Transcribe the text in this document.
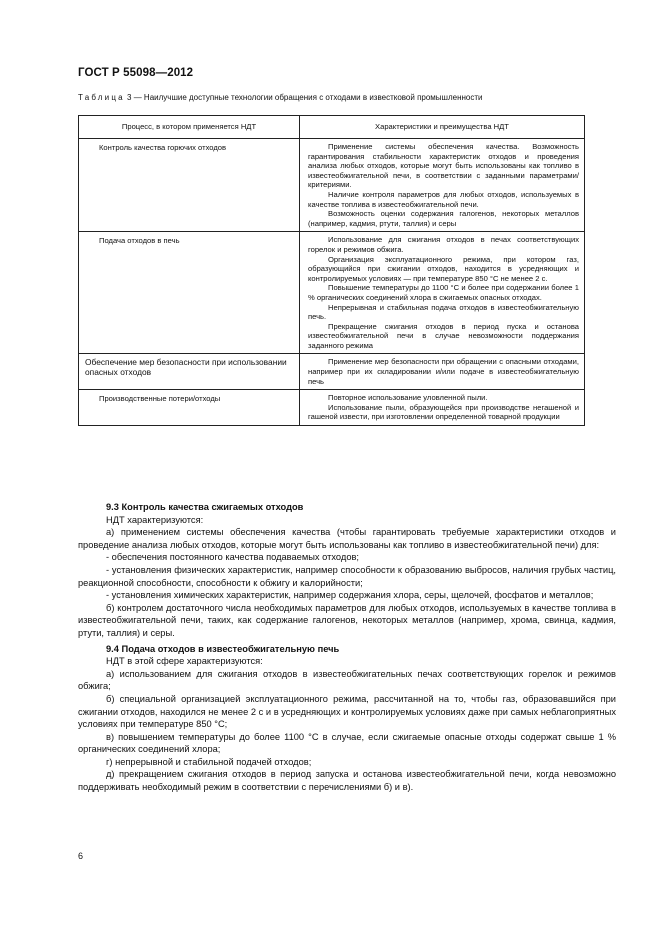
ГОСТ Р 55098—2012
Таблица 3 — Наилучшие доступные технологии обращения с отходами в известковой промышленности
Процесс, в котором применяется НДТ	Характеристики и преимущества НДТ
Контроль качества горючих отходов	Применение системы обеспечения качества. Возможность гарантирования стабильности характеристик отходов и проведения анализа любых отходов, которые могут быть использованы как топливо в известеобжигательной печи, в соответствии с заданными параметрами/критериями.

Наличие контроля параметров для любых отходов, используемых в качестве топлива в известеобжигательной печи.

Возможность оценки содержания галогенов, некоторых металлов (например, кадмия, ртути, таллия) и серы

Подача отходов в печь	Использование для сжигания отходов в печах соответствующих горелок и режимов обжига.

Организация эксплуатационного режима, при котором газ, образующийся при сжигании отходов, находится в усредняющих и контролируемых условиях — при температуре 850 °С не менее 2 с.

Повышение температуры до 1100 °С и более при содержании более 1 % органических соединений хлора в сжигаемых опасных отходах.

Непрерывная и стабильная подача отходов в известеобжигательную печь.

Прекращение сжигания отходов в период пуска и останова известеобжигательной печи в случае невозможности поддержания заданного режима

Обеспечение мер безопасности при использовании опасных отходов	Применение мер безопасности при обращении с опасными отходами, например при их складировании и/или подаче в известеобжигательную печь

Производственные потери/отходы	Повторное использование уловленной пыли.

Использование пыли, образующейся при производстве негашеной и гашеной извести, при изготовлении определенной товарной продукции

9.3 Контроль качества сжигаемых отходов

НДТ характеризуются:

а) применением системы обеспечения качества (чтобы гарантировать требуемые характеристики отходов и проведение анализа любых отходов, которые могут быть использованы как топливо в известеобжигательной печи) для:

- обеспечения постоянного качества подаваемых отходов;

- установления физических характеристик, например способности к образованию выбросов, наличия грубых частиц, реакционной способности, способности к обжигу и калорийности;

- установления химических характеристик, например содержания хлора, серы, щелочей, фосфатов и металлов;

б) контролем достаточного числа необходимых параметров для любых отходов, используемых в качестве топлива в известеобжигательной печи, таких, как содержание галогенов, некоторых металлов (например, хрома, свинца, кадмия, ртути, таллия) и серы.

9.4 Подача отходов в известеобжигательную печь

НДТ в этой сфере характеризуются:

а) использованием для сжигания отходов в известеобжигательных печах соответствующих горелок и режимов обжига;

б) специальной организацией эксплуатационного режима, рассчитанной на то, чтобы газ, образовавшийся при сжигании отходов, находился не менее 2 с и в усредняющих и контролируемых условиях даже при самых неблагоприятных условиях при температуре 850 °С;

в) повышением температуры до более 1100 °С в случае, если сжигаемые опасные отходы содержат свыше 1 % органических соединений хлора;

г) непрерывной и стабильной подачей отходов;

д) прекращением сжигания отходов в период запуска и останова известеобжигательной печи, когда невозможно поддерживать необходимый режим в соответствии с перечислениями б) и в).

6
